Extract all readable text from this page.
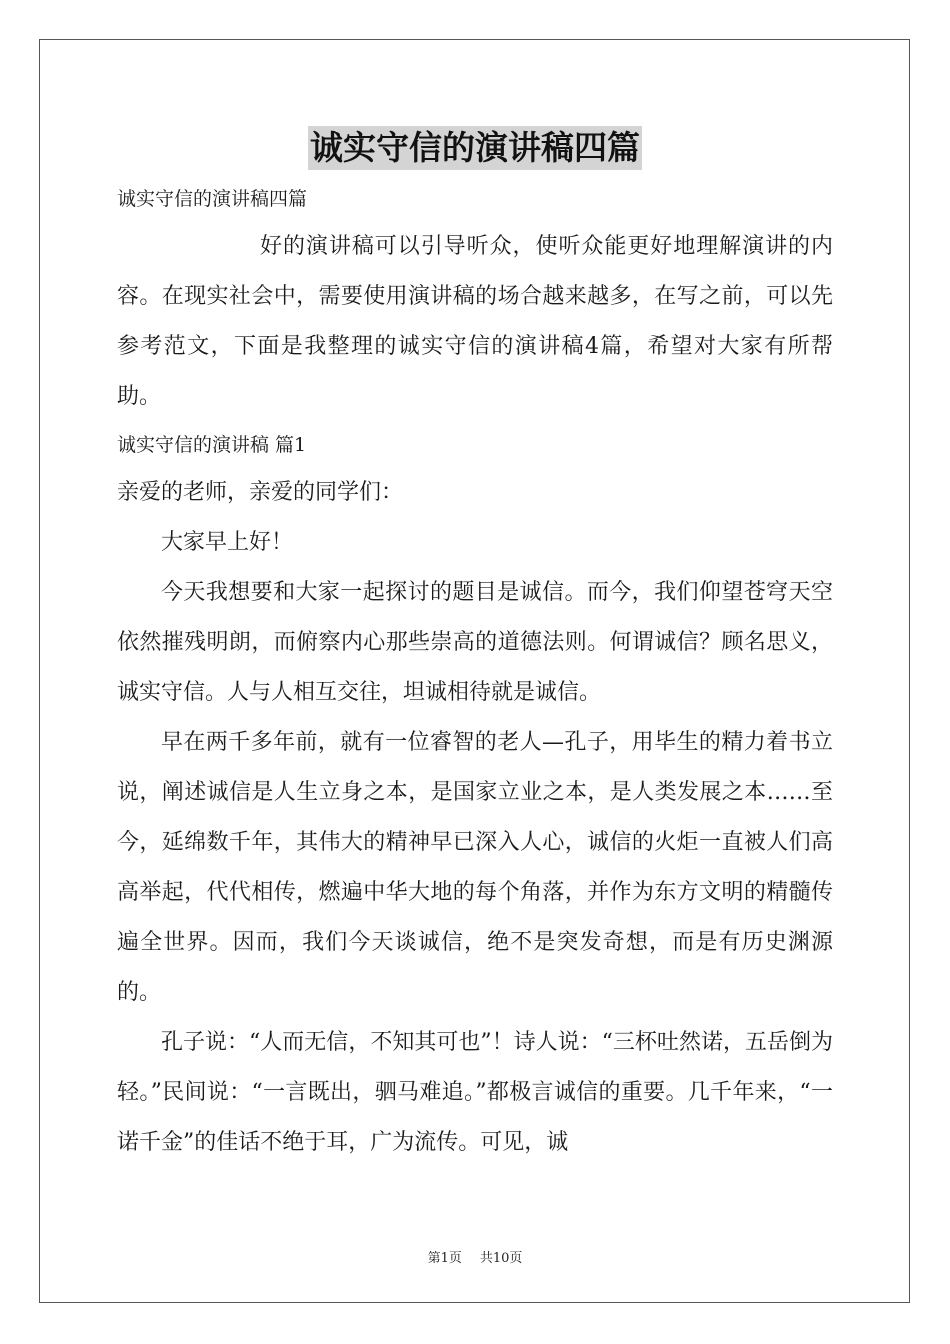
诚实守信的演讲稿四篇

诚实守信的演讲稿四篇

好的演讲稿可以引导听众，使听众能更好地理解演讲的内容。在现实社会中，需要使用演讲稿的场合越来越多，在写之前，可以先参考范文，下面是我整理的诚实守信的演讲稿4篇，希望对大家有所帮助。

诚实守信的演讲稿 篇1

亲爱的老师，亲爱的同学们：

大家早上好！

今天我想要和大家一起探讨的题目是诚信。而今，我们仰望苍穹天空依然摧残明朗，而俯察内心那些崇高的道德法则。何谓诚信？顾名思义，诚实守信。人与人相互交往，坦诚相待就是诚信。

早在两千多年前，就有一位睿智的老人—孔子，用毕生的精力着书立说，阐述诚信是人生立身之本，是国家立业之本，是人类发展之本……至今，延绵数千年，其伟大的精神早已深入人心，诚信的火炬一直被人们高高举起，代代相传，燃遍中华大地的每个角落，并作为东方文明的精髓传遍全世界。因而，我们今天谈诚信，绝不是突发奇想，而是有历史渊源的。

孔子说：“人而无信，不知其可也”！诗人说：“三杯吐然诺，五岳倒为轻。”民间说：“一言既出，驷马难追。”都极言诚信的重要。几千年来，“一诺千金”的佳话不绝于耳，广为流传。可见，诚

第1页 共10页
